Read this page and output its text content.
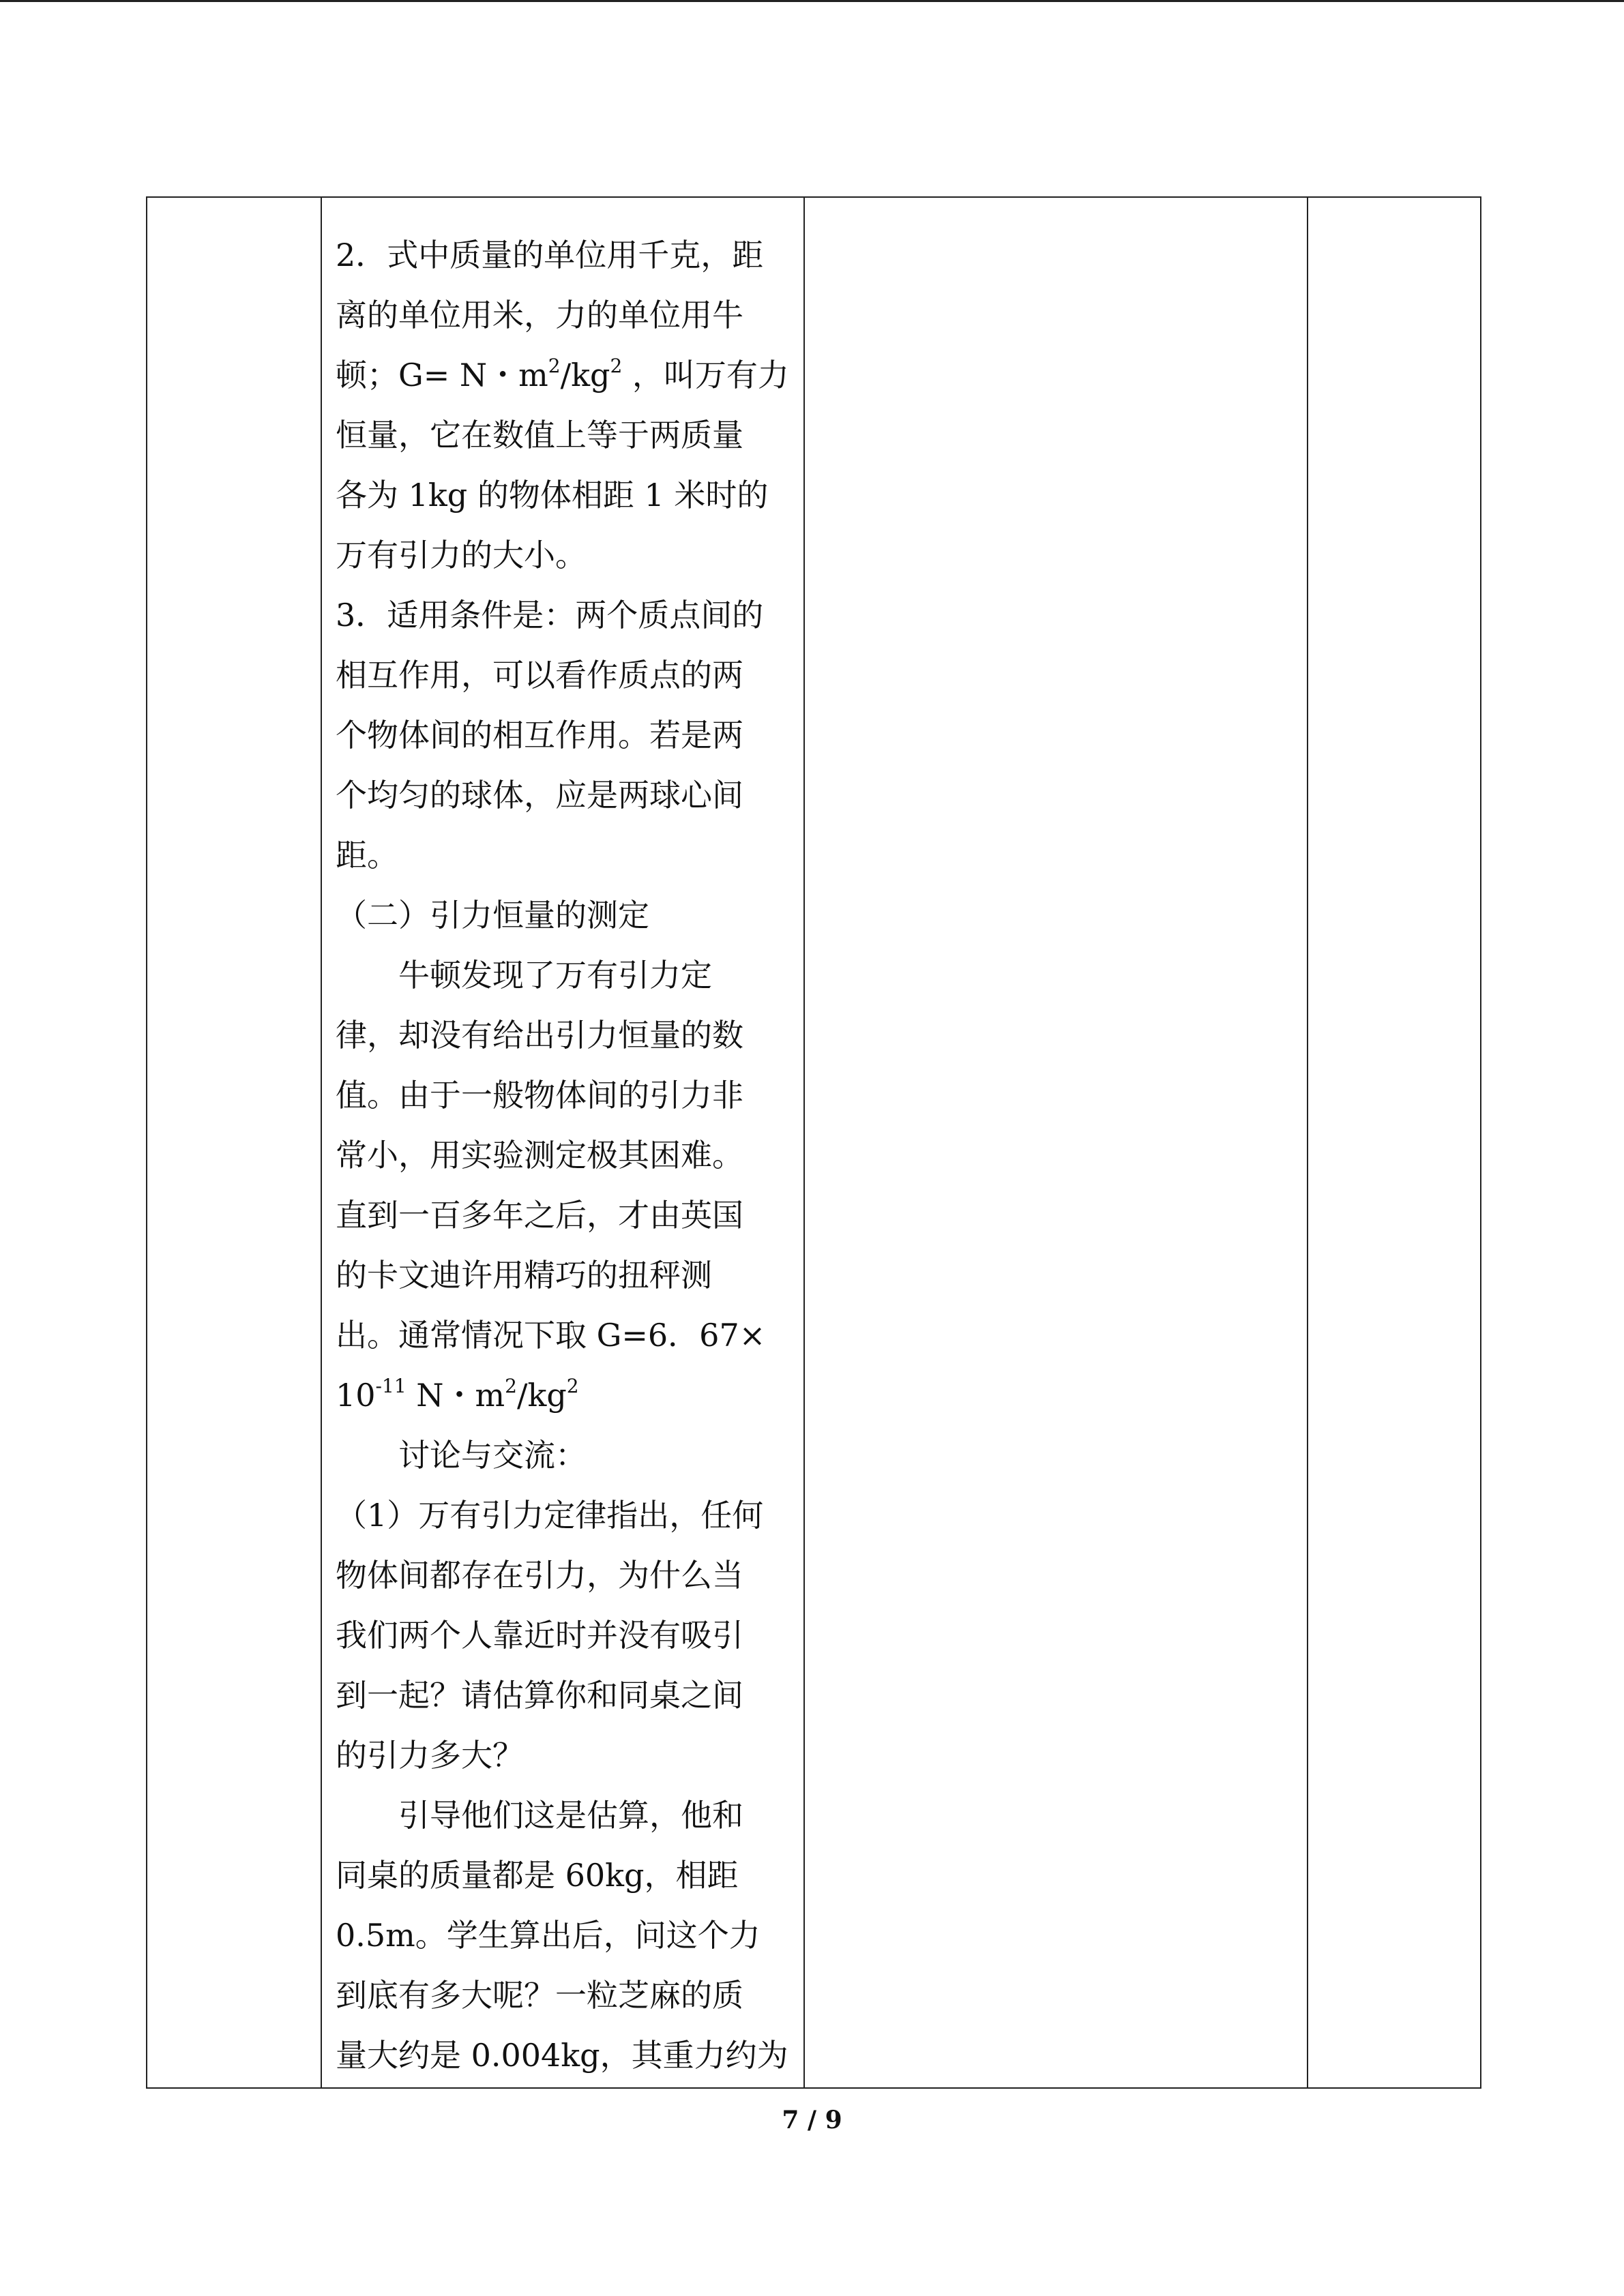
2．式中质量的单位用千克，距

离的单位用米，力的单位用牛

顿；G= N・$m^2/kg^2$ ，叫万有力

恒量，它在数值上等于两质量

各为 1kg 的物体相距 1 米时的

万有引力的大小。

3．适用条件是：两个质点间的

相互作用，可以看作质点的两

个物体间的相互作用。若是两

个均匀的球体，应是两球心间

距。

（二）引力恒量的测定

牛顿发现了万有引力定

律，却没有给出引力恒量的数

值。由于一般物体间的引力非

常小，用实验测定极其困难。

直到一百多年之后，才由英国

的卡文迪许用精巧的扭秤测

出。通常情况下取 G=6．67×

$10^{-11}$ N・$m^2/kg^2$

讨论与交流：

（1）万有引力定律指出，任何

物体间都存在引力，为什么当

我们两个人靠近时并没有吸引

到一起？请估算你和同桌之间

的引力多大？

引导他们这是估算，他和

同桌的质量都是 60kg，相距

0.5m。学生算出后，问这个力

到底有多大呢？一粒芝麻的质

量大约是 0.004kg，其重力约为

7 / 9
